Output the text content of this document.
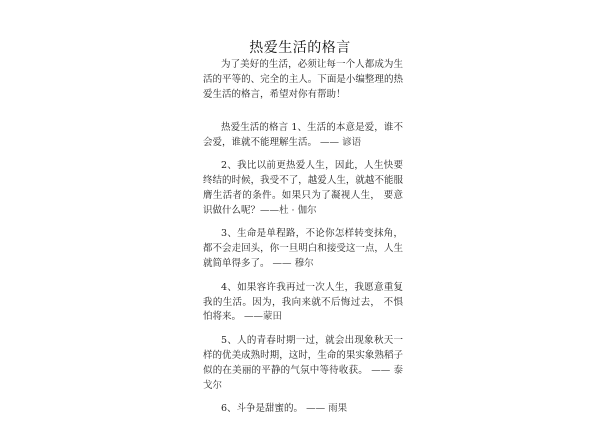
热爱生活的格言
为了美好的生活，必须让每一个人都成为生活的平等的、完全的主人。下面是小编整理的热爱生活的格言，希望对你有帮助！

热爱生活的格言 1、生活的本意是爱，谁不会爱，谁就不能理解生活。 —— 谚语

2、我比以前更热爱人生，因此，人生快要终结的时候，我受不了，越爱人生，就越不能服膺生活者的条件。如果只为了凝视人生， 要意识做什么呢？——杜 · 伽尔

3、生命是单程路，不论你怎样转变抹角，都不会走回头，你一旦明白和接受这一点，人生就简单得多了。 —— 穆尔

4、如果容许我再过一次人生，我愿意重复我的生活。因为，我向来就不后悔过去， 不惧怕将来。 ——蒙田

5、人的青春时期一过，就会出现象秋天一样的优美成熟时期，这时，生命的果实象熟稻子似的在美丽的平静的气氛中等待收获。 —— 泰戈尔

6、斗争是甜蜜的。 —— 雨果
